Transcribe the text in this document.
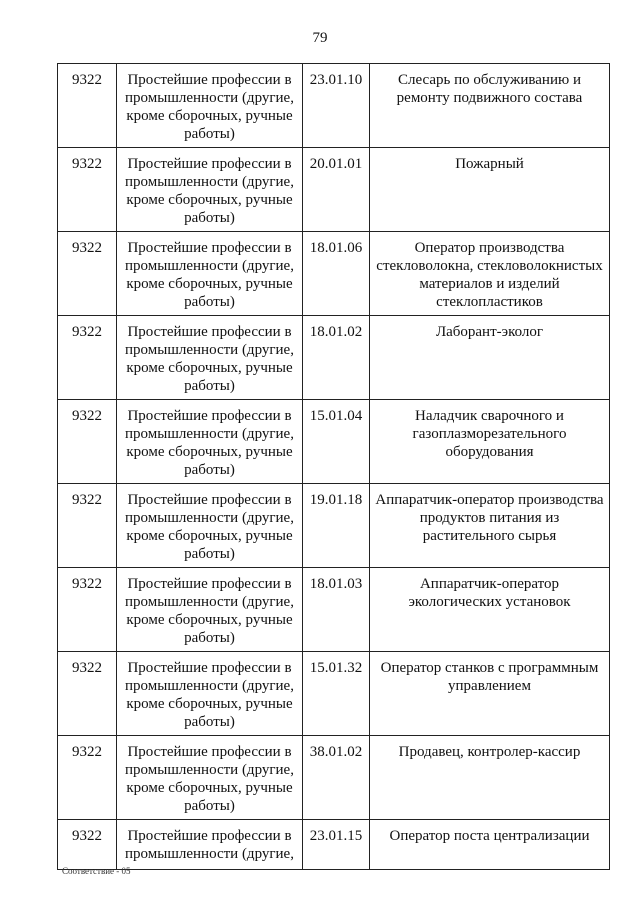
79
9322	Простейшие профессии в промышленности (другие, кроме сборочных, ручные работы)	23.01.10	Слесарь по обслуживанию и ремонту подвижного состава
9322	Простейшие профессии в промышленности (другие, кроме сборочных, ручные работы)	20.01.01	Пожарный
9322	Простейшие профессии в промышленности (другие, кроме сборочных, ручные работы)	18.01.06	Оператор производства стекловолокна, стекловолокнистых материалов и изделий стеклопластиков
9322	Простейшие профессии в промышленности (другие, кроме сборочных, ручные работы)	18.01.02	Лаборант-эколог
9322	Простейшие профессии в промышленности (другие, кроме сборочных, ручные работы)	15.01.04	Наладчик сварочного и газоплазморезательного оборудования
9322	Простейшие профессии в промышленности (другие, кроме сборочных, ручные работы)	19.01.18	Аппаратчик-оператор производства продуктов питания из растительного сырья
9322	Простейшие профессии в промышленности (другие, кроме сборочных, ручные работы)	18.01.03	Аппаратчик-оператор экологических установок
9322	Простейшие профессии в промышленности (другие, кроме сборочных, ручные работы)	15.01.32	Оператор станков с программным управлением
9322	Простейшие профессии в промышленности (другие, кроме сборочных, ручные работы)	38.01.02	Продавец, контролер-кассир
9322	Простейшие профессии в промышленности (другие,	23.01.15	Оператор поста централизации
Соответствие - 05
